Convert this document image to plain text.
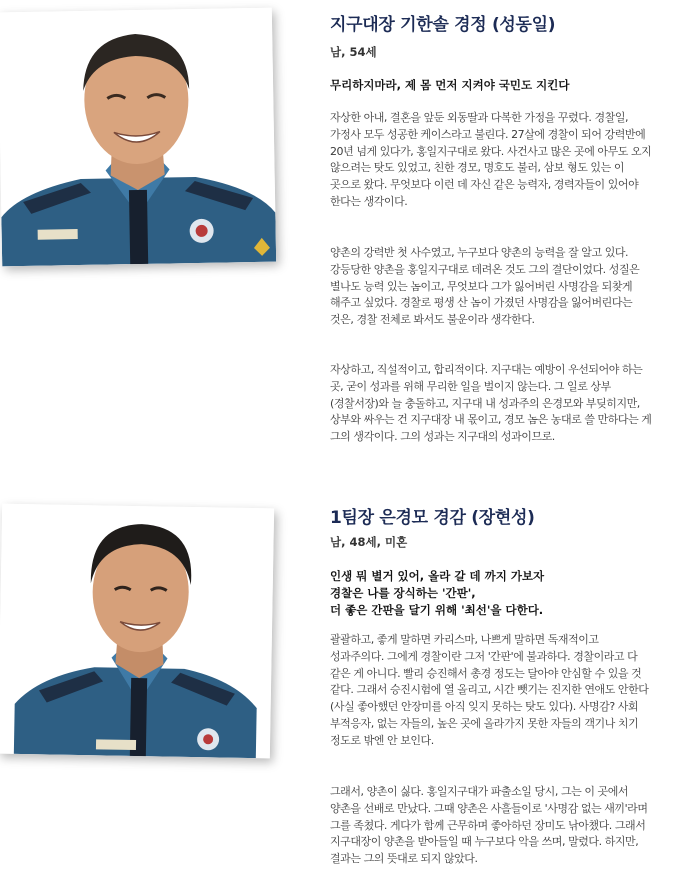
지구대장 기한솔 경정 (성동일)

남, 54세

무리하지마라, 제 몸 먼저 지켜야 국민도 지킨다

자상한 아내, 결혼을 앞둔 외동딸과 다복한 가정을 꾸렸다. 경찰일, 가정사 모두 성공한 케이스라고 불린다. 27살에 경찰이 되어 강력반에 20년 넘게 있다가, 홍일지구대로 왔다. 사건사고 많은 곳에 아무도 오지 않으려는 탓도 있었고, 친한 경모, 명호도 불러, 삼보 형도 있는 이 곳으로 왔다. 무엇보다 이런 데 자신 같은 능력자, 경력자들이 있어야 한다는 생각이다.

양촌의 강력반 첫 사수였고, 누구보다 양촌의 능력을 잘 알고 있다. 강등당한 양촌을 홍일지구대로 데려온 것도 그의 결단이었다. 성질은 별나도 능력 있는 놈이고, 무엇보다 그가 잃어버린 사명감을 되찾게 해주고 싶었다. 경찰로 평생 산 놈이 가졌던 사명감을 잃어버린다는 것은, 경찰 전체로 봐서도 불운이라 생각한다.

자상하고, 직설적이고, 합리적이다. 지구대는 예방이 우선되어야 하는 곳, 굳이 성과를 위해 무리한 일을 벌이지 않는다. 그 일로 상부(경찰서장)와 늘 충돌하고, 지구대 내 성과주의 은경모와 부딪히지만, 상부와 싸우는 건 지구대장 내 몫이고, 경모 놈은 농대로 쓸 만하다는 게 그의 생각이다. 그의 성과는 지구대의 성과이므로.

1팀장 은경모 경감 (장현성)

남, 48세, 미혼

인생 뭐 별거 있어, 올라 갈 데 까지 가보자
경찰은 나를 장식하는 '간판',
더 좋은 간판을 달기 위해 '최선'을 다한다.

괄괄하고, 좋게 말하면 카리스마, 나쁘게 말하면 독재적이고 성과주의다. 그에게 경찰이란 그저 '간판'에 불과하다. 경찰이라고 다 같은 게 아니다. 빨리 승진해서 총경 정도는 달아야 안심할 수 있을 것 같다. 그래서 승진시험에 열 올리고, 시간 뺏기는 진지한 연애도 안한다 (사실 좋아했던 안장미를 아직 잊지 못하는 탓도 있다). 사명감? 사회 부적응자, 없는 자들의, 높은 곳에 올라가지 못한 자들의 객기나 치기 정도로 밖엔 안 보인다.

그래서, 양촌이 싫다. 홍일지구대가 파출소일 당시, 그는 이 곳에서 양촌을 선배로 만났다. 그때 양촌은 사흘들이로 '사명감 없는 새끼'라며 그를 족쳤다. 게다가 함께 근무하며 좋아하던 장미도 낚아챘다. 그래서 지구대장이 양촌을 받아들일 때 누구보다 악을 쓰며, 말렸다. 하지만, 결과는 그의 뜻대로 되지 않았다.
